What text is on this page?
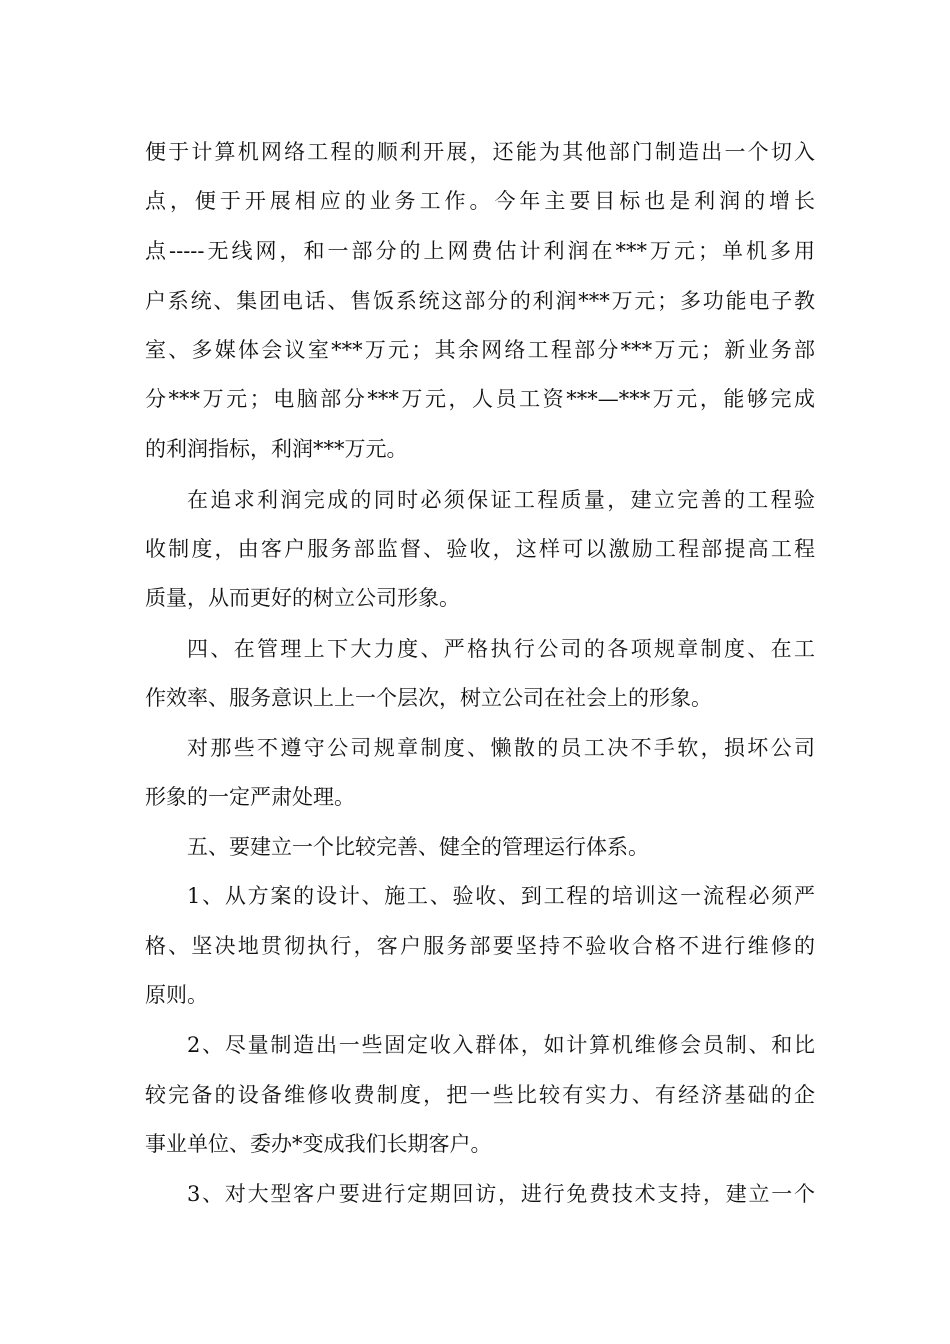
便于计算机网络工程的顺利开展，还能为其他部门制造出一个切入

点，便于开展相应的业务工作。今年主要目标也是利润的增长

点-----无线网，和一部分的上网费估计利润在***万元；单机多用

户系统、集团电话、售饭系统这部分的利润***万元；多功能电子教

室、多媒体会议室***万元；其余网络工程部分***万元；新业务部

分***万元；电脑部分***万元，人员工资***—***万元，能够完成

的利润指标，利润***万元。

在追求利润完成的同时必须保证工程质量，建立完善的工程验

收制度，由客户服务部监督、验收，这样可以激励工程部提高工程

质量，从而更好的树立公司形象。

四、在管理上下大力度、严格执行公司的各项规章制度、在工

作效率、服务意识上上一个层次，树立公司在社会上的形象。

对那些不遵守公司规章制度、懒散的员工决不手软，损坏公司

形象的一定严肃处理。

五、要建立一个比较完善、健全的管理运行体系。

1、从方案的设计、施工、验收、到工程的培训这一流程必须严

格、坚决地贯彻执行，客户服务部要坚持不验收合格不进行维修的

原则。

2、尽量制造出一些固定收入群体，如计算机维修会员制、和比

较完备的设备维修收费制度，把一些比较有实力、有经济基础的企

事业单位、委办*变成我们长期客户。

3、对大型客户要进行定期回访，进行免费技术支持，建立一个
